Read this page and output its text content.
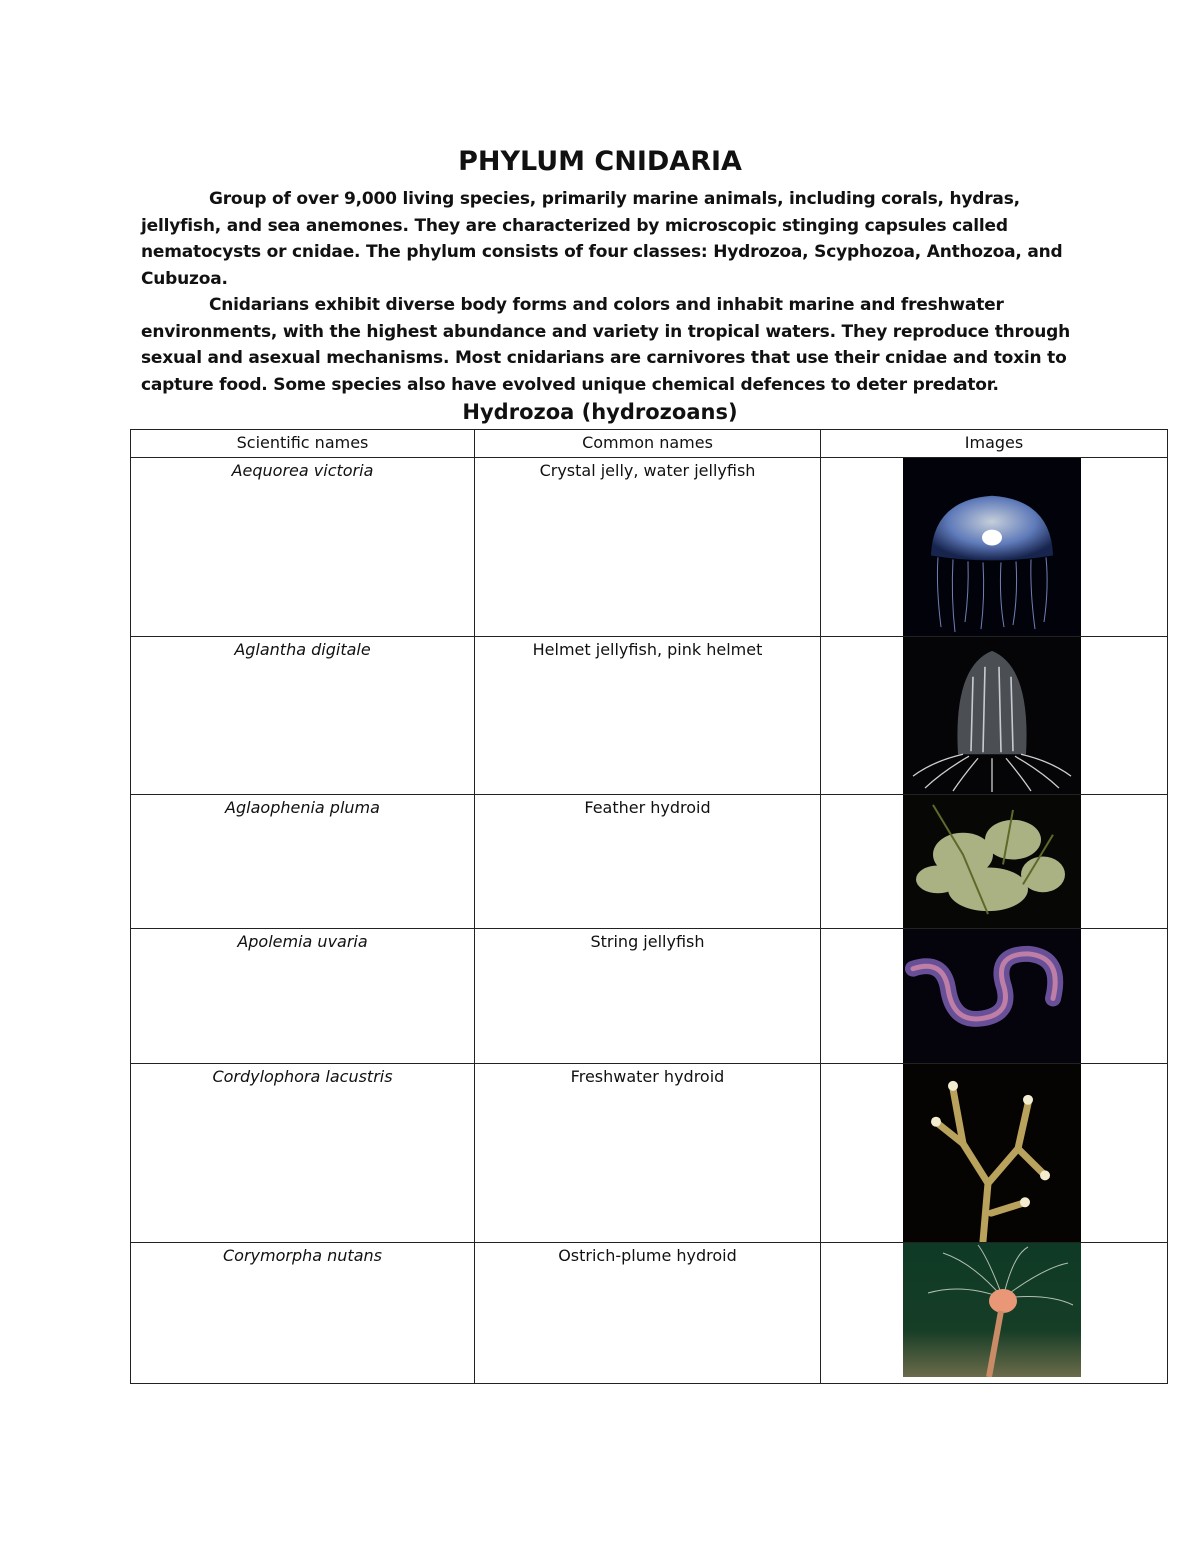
PHYLUM CNIDARIA

Group of over 9,000 living species, primarily marine animals, including corals, hydras, jellyfish, and sea anemones. They are characterized by microscopic stinging capsules called nematocysts or cnidae. The phylum consists of four classes: Hydrozoa, Scyphozoa, Anthozoa, and Cubuzoa.

Cnidarians exhibit diverse body forms and colors and inhabit marine and freshwater environments, with the highest abundance and variety in tropical waters. They reproduce through sexual and asexual mechanisms. Most cnidarians are carnivores that use their cnidae and toxin to capture food. Some species also have evolved unique chemical defences to deter predator.

Hydrozoa (hydrozoans)
Scientific names	Common names	Images
Aequorea victoria	Crystal jelly, water jellyfish	

Aglantha digitale	Helmet jellyfish, pink helmet	

Aglaophenia pluma	Feather hydroid	

Apolemia uvaria	String jellyfish	

Cordylophora lacustris	Freshwater hydroid	

Corymorpha nutans	Ostrich-plume hydroid	
